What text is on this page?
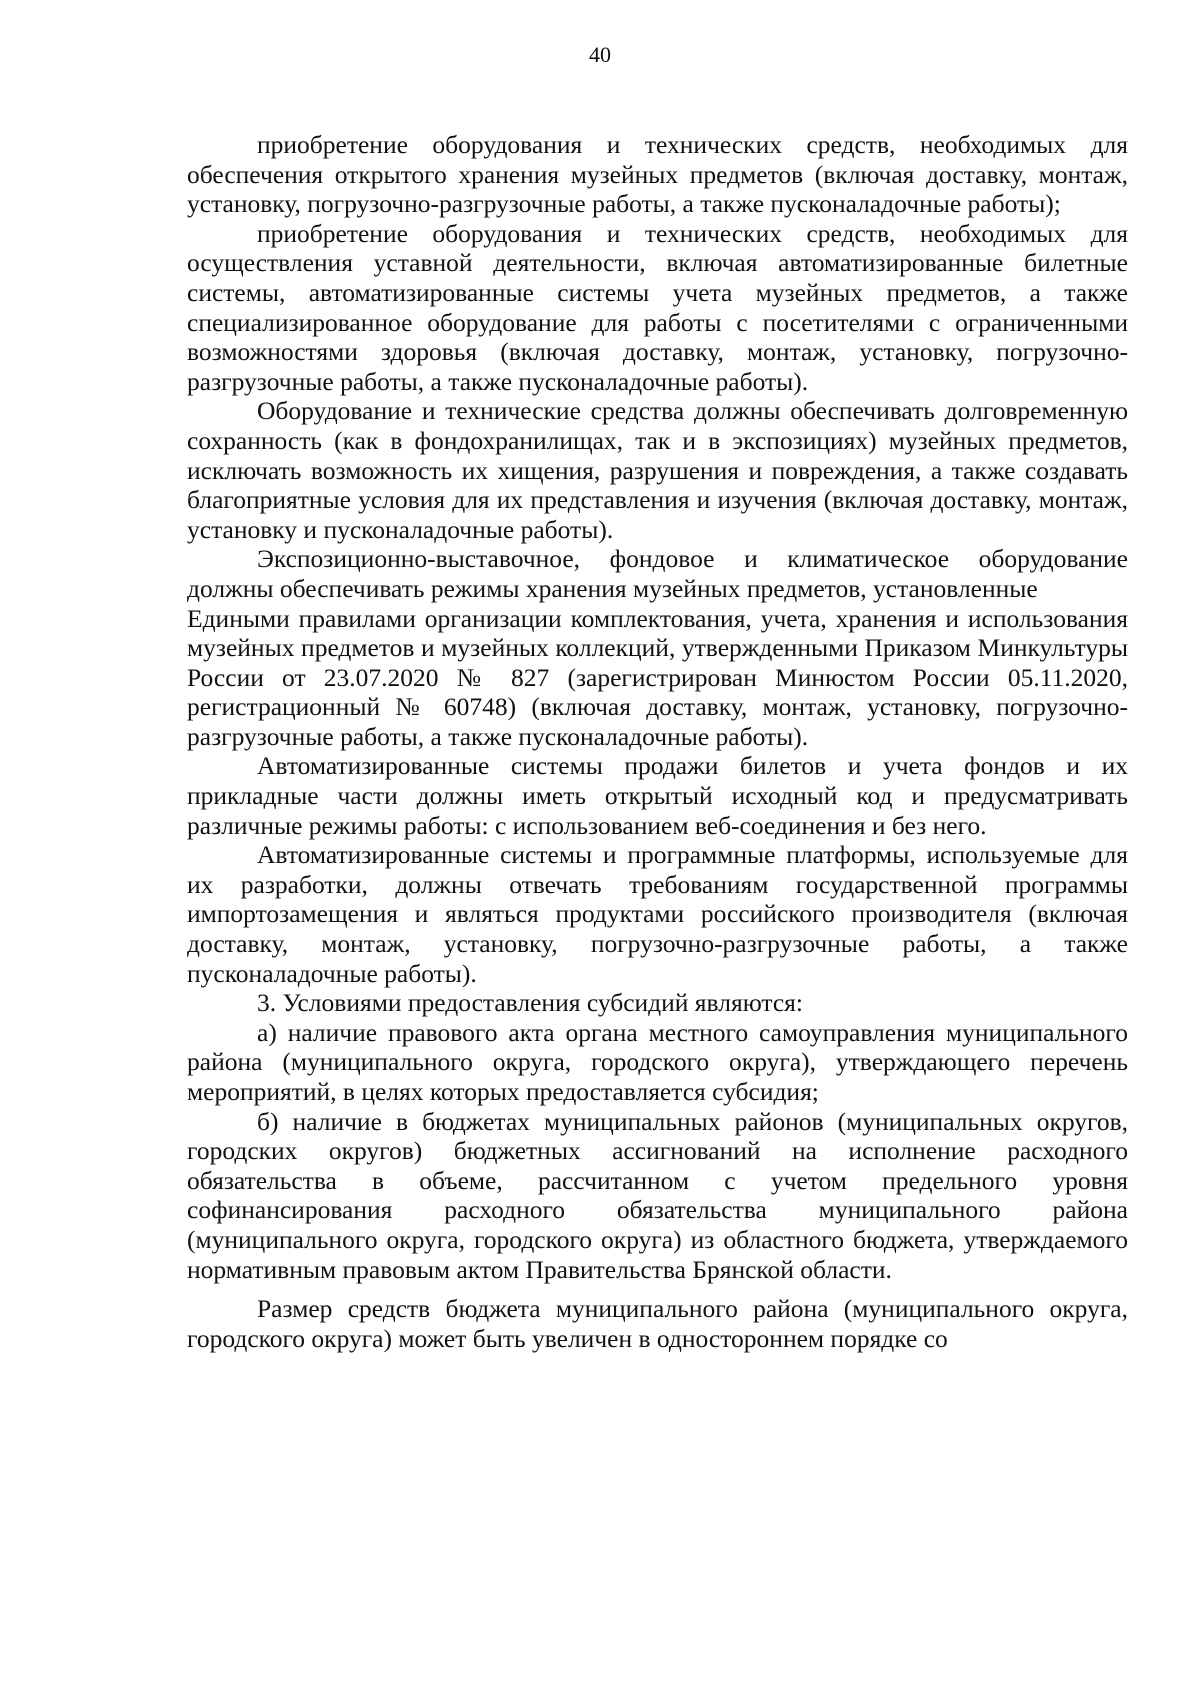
40

приобретение оборудования и технических средств, необходимых для обеспечения открытого хранения музейных предметов (включая доставку, монтаж, установку, погрузочно-разгрузочные работы, а также пусконаладочные работы);

приобретение оборудования и технических средств, необходимых для осуществления уставной деятельности, включая автоматизированные билетные системы, автоматизированные системы учета музейных предметов, а также специализированное оборудование для работы с посетителями с ограниченными возможностями здоровья (включая доставку, монтаж, установку, погрузочно-разгрузочные работы, а также пусконаладочные работы).

Оборудование и технические средства должны обеспечивать долговременную сохранность (как в фондохранилищах, так и в экспозициях) музейных предметов, исключать возможность их хищения, разрушения и повреждения, а также создавать благоприятные условия для их представления и изучения (включая доставку, монтаж, установку и пусконаладочные работы).

Экспозиционно-выставочное, фондовое и климатическое оборудование должны обеспечивать режимы хранения музейных предметов, установленные

Едиными правилами организации комплектования, учета, хранения и использования музейных предметов и музейных коллекций, утвержденными Приказом Минкультуры России от 23.07.2020 № 827 (зарегистрирован Минюстом России 05.11.2020, регистрационный № 60748) (включая доставку, монтаж, установку, погрузочно-разгрузочные работы, а также пусконаладочные работы).

Автоматизированные системы продажи билетов и учета фондов и их прикладные части должны иметь открытый исходный код и предусматривать различные режимы работы: с использованием веб-соединения и без него.

Автоматизированные системы и программные платформы, используемые для их разработки, должны отвечать требованиям государственной программы импортозамещения и являться продуктами российского производителя (включая доставку, монтаж, установку, погрузочно-разгрузочные работы, а также пусконаладочные работы).

3. Условиями предоставления субсидий являются:

а) наличие правового акта органа местного самоуправления муниципального района (муниципального округа, городского округа), утверждающего перечень мероприятий, в целях которых предоставляется субсидия;

б) наличие в бюджетах муниципальных районов (муниципальных округов, городских округов) бюджетных ассигнований на исполнение расходного обязательства в объеме, рассчитанном с учетом предельного уровня софинансирования расходного обязательства муниципального района (муниципального округа, городского округа) из областного бюджета, утверждаемого нормативным правовым актом Правительства Брянской области.

Размер средств бюджета муниципального района (муниципального округа, городского округа) может быть увеличен в одностороннем порядке со
